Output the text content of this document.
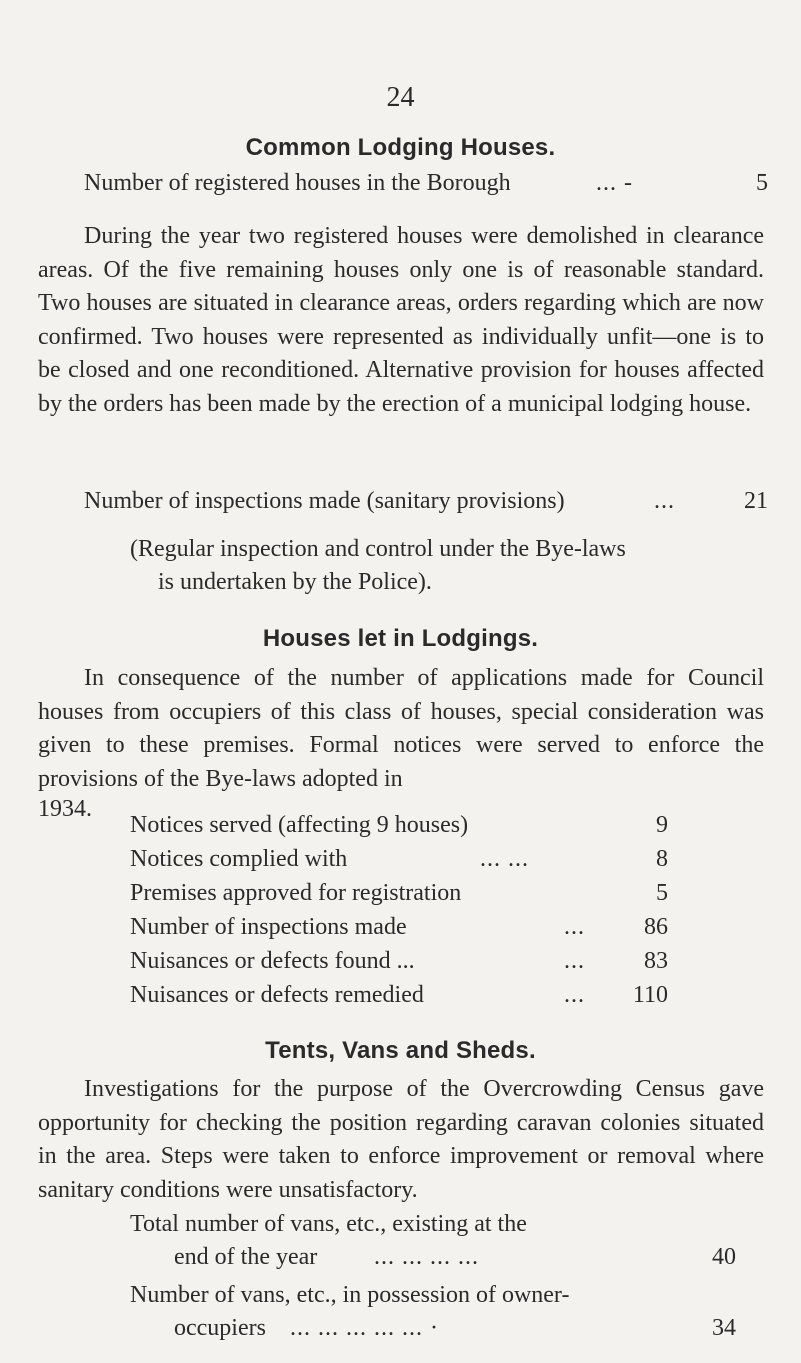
24
Common Lodging Houses.
Number of registered houses in the Borough	... -	5

During the year two registered houses were demolished in clearance areas. Of the five remaining houses only one is of reasonable standard. Two houses are situated in clearance areas, orders regarding which are now confirmed. Two houses were represented as individually unfit—one is to be closed and one reconditioned. Alternative provision for houses affected by the orders has been made by the erection of a municipal lodging house.

Number of inspections made (sanitary provisions)	...	21
(Regular inspection and control under the Bye-laws
is undertaken by the Police).
Houses let in Lodgings.

In consequence of the number of applications made for Council houses from occupiers of this class of houses, special consideration was given to these premises. Formal notices were served to enforce the provisions of the Bye-laws adopted in

1934.
Notices served (affecting 9 houses)	9
Notices complied with	... ...	8
Premises approved for registration	5
Number of inspections made	...	86
Nuisances or defects found ...	...	83
Nuisances or defects remedied	...	110
Tents, Vans and Sheds.

Investigations for the purpose of the Overcrowding Census gave opportunity for checking the position regarding caravan colonies situated in the area. Steps were taken to enforce improvement or removal where sanitary conditions were unsatisfactory.

Total number of vans, etc., existing at the
end of the year ... ... ... ...	40
Number of vans, etc., in possession of owner-
occupiers ... ... ... ... ... ·	34
